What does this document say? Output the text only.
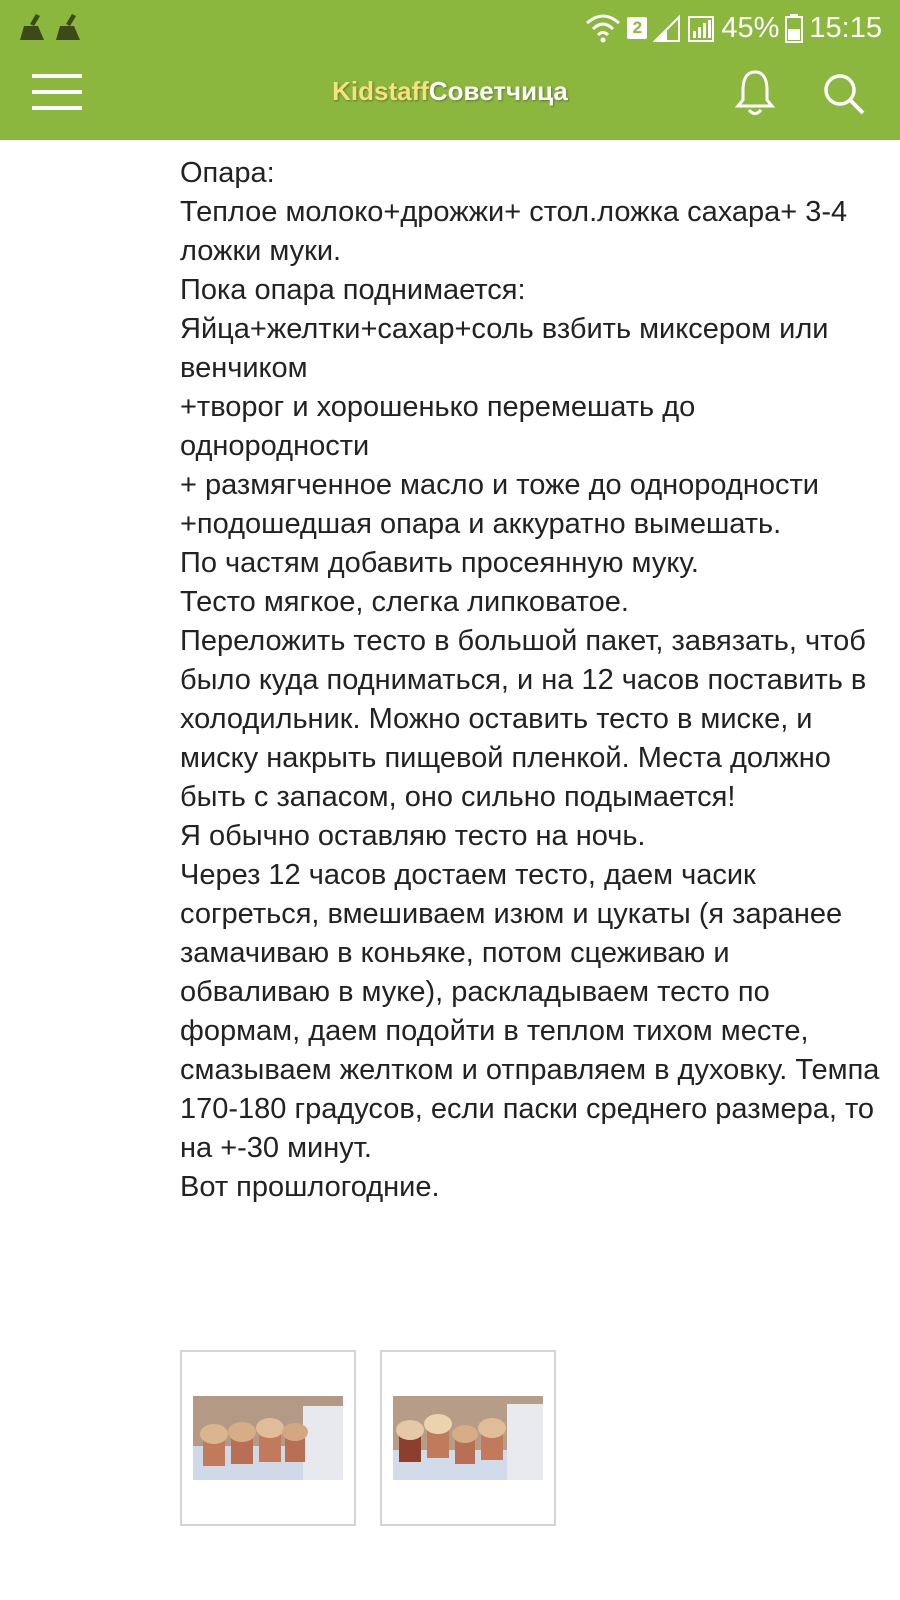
2	45% 15:15
KidstaffСоветчица

Опара:

Теплое молоко+дрожжи+ стол.ложка сахара+ 3-4 ложки муки.

Пока опара поднимается:

Яйца+желтки+сахар+соль взбить миксером или венчиком

+творог и хорошенько перемешать до однородности

+ размягченное масло и тоже до однородности

+подошедшая опара и аккуратно вымешать.

По частям добавить просеянную муку.

Тесто мягкое, слегка липковатое.

Переложить тесто в большой пакет, завязать, чтоб было куда подниматься, и на 12 часов поставить в холодильник. Можно оставить тесто в миске, и миску накрыть пищевой пленкой. Места должно быть с запасом, оно сильно подымается!

Я обычно оставляю тесто на ночь.

Через 12 часов достаем тесто, даем часик согреться, вмешиваем изюм и цукаты (я заранее замачиваю в коньяке, потом сцеживаю и обваливаю в муке), раскладываем тесто по формам, даем подойти в теплом тихом месте, смазываем желтком и отправляем в духовку. Темпа 170-180 градусов, если паски среднего размера, то на +-30 минут.

Вот прошлогодние.
